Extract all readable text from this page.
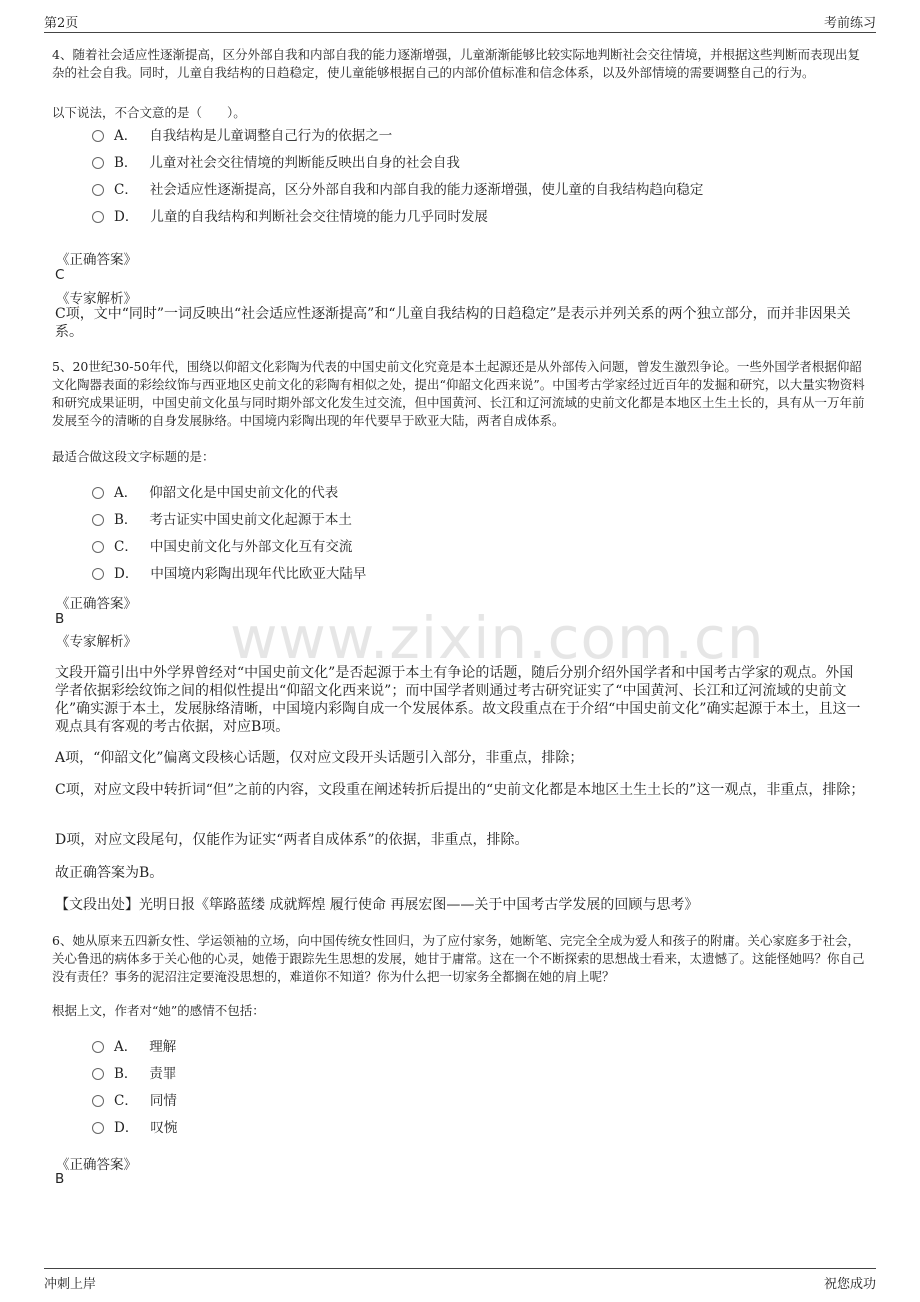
第2页	考前练习
www.zixin.com.cn
4、随着社会适应性逐渐提高，区分外部自我和内部自我的能力逐渐增强，儿童渐渐能够比较实际地判断社会交往情境，并根据这些判断而表现出复杂的社会自我。同时，儿童自我结构的日趋稳定，使儿童能够根据自己的内部价值标准和信念体系，以及外部情境的需要调整自己的行为。
以下说法，不合文意的是（　　）。
A． 自我结构是儿童调整自己行为的依据之一
B． 儿童对社会交往情境的判断能反映出自身的社会自我
C． 社会适应性逐渐提高，区分外部自我和内部自我的能力逐渐增强，使儿童的自我结构趋向稳定
D． 儿童的自我结构和判断社会交往情境的能力几乎同时发展
《正确答案》
C
《专家解析》
C项，文中“同时”一词反映出“社会适应性逐渐提高”和“儿童自我结构的日趋稳定”是表示并列关系的两个独立部分，而并非因果关系。
5、20世纪30-50年代，围绕以仰韶文化彩陶为代表的中国史前文化究竟是本土起源还是从外部传入问题，曾发生激烈争论。一些外国学者根据仰韶文化陶器表面的彩绘纹饰与西亚地区史前文化的彩陶有相似之处，提出“仰韶文化西来说”。中国考古学家经过近百年的发掘和研究，以大量实物资料和研究成果证明，中国史前文化虽与同时期外部文化发生过交流，但中国黄河、长江和辽河流域的史前文化都是本地区土生土长的，具有从一万年前发展至今的清晰的自身发展脉络。中国境内彩陶出现的年代要早于欧亚大陆，两者自成体系。
最适合做这段文字标题的是：
A． 仰韶文化是中国史前文化的代表
B． 考古证实中国史前文化起源于本土
C． 中国史前文化与外部文化互有交流
D． 中国境内彩陶出现年代比欧亚大陆早
《正确答案》
B
《专家解析》
文段开篇引出中外学界曾经对“中国史前文化”是否起源于本土有争论的话题，随后分别介绍外国学者和中国考古学家的观点。外国学者依据彩绘纹饰之间的相似性提出“仰韶文化西来说”；而中国学者则通过考古研究证实了“中国黄河、长江和辽河流域的史前文化”确实源于本土，发展脉络清晰，中国境内彩陶自成一个发展体系。故文段重点在于介绍“中国史前文化”确实起源于本土，且这一观点具有客观的考古依据，对应B项。
A项，“仰韶文化”偏离文段核心话题，仅对应文段开头话题引入部分，非重点，排除；
C项，对应文段中转折词“但”之前的内容，文段重在阐述转折后提出的“史前文化都是本地区土生土长的”这一观点，非重点，排除；
D项，对应文段尾句，仅能作为证实“两者自成体系”的依据，非重点，排除。
故正确答案为B。
【文段出处】光明日报《筚路蓝缕 成就辉煌 履行使命 再展宏图——关于中国考古学发展的回顾与思考》
6、她从原来五四新女性、学运领袖的立场，向中国传统女性回归，为了应付家务，她断笔、完完全全成为爱人和孩子的附庸。关心家庭多于社会，关心鲁迅的病体多于关心他的心灵，她倦于跟踪先生思想的发展，她甘于庸常。这在一个不断探索的思想战士看来，太遗憾了。这能怪她吗？你自己没有责任？事务的泥沼注定要淹没思想的，难道你不知道？你为什么把一切家务全都搁在她的肩上呢？
根据上文，作者对“她”的感情不包括：
A． 理解
B． 责罪
C． 同情
D． 叹惋
《正确答案》
B
冲刺上岸	祝您成功
